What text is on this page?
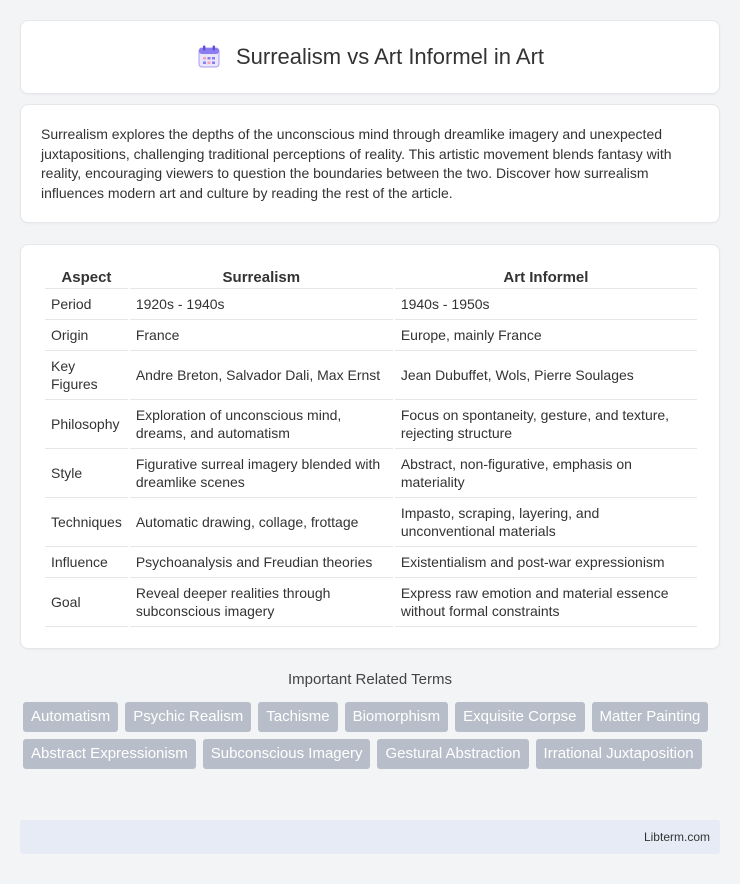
Surrealism vs Art Informel in Art

Surrealism explores the depths of the unconscious mind through dreamlike imagery and unexpected juxtapositions, challenging traditional perceptions of reality. This artistic movement blends fantasy with reality, encouraging viewers to question the boundaries between the two. Discover how surrealism influences modern art and culture by reading the rest of the article.

Aspect	Surrealism	Art Informel
Period	1920s - 1940s	1940s - 1950s
Origin	France	Europe, mainly France
Key Figures	Andre Breton, Salvador Dali, Max Ernst	Jean Dubuffet, Wols, Pierre Soulages
Philosophy	Exploration of unconscious mind, dreams, and automatism	Focus on spontaneity, gesture, and texture, rejecting structure
Style	Figurative surreal imagery blended with dreamlike scenes	Abstract, non-figurative, emphasis on materiality
Techniques	Automatic drawing, collage, frottage	Impasto, scraping, layering, and unconventional materials
Influence	Psychoanalysis and Freudian theories	Existentialism and post-war expressionism
Goal	Reveal deeper realities through subconscious imagery	Express raw emotion and material essence without formal constraints
Important Related Terms
Automatism	Psychic Realism	Tachisme	Biomorphism	Exquisite Corpse	Matter Painting
Abstract Expressionism	Subconscious Imagery	Gestural Abstraction	Irrational Juxtaposition
Libterm.com
